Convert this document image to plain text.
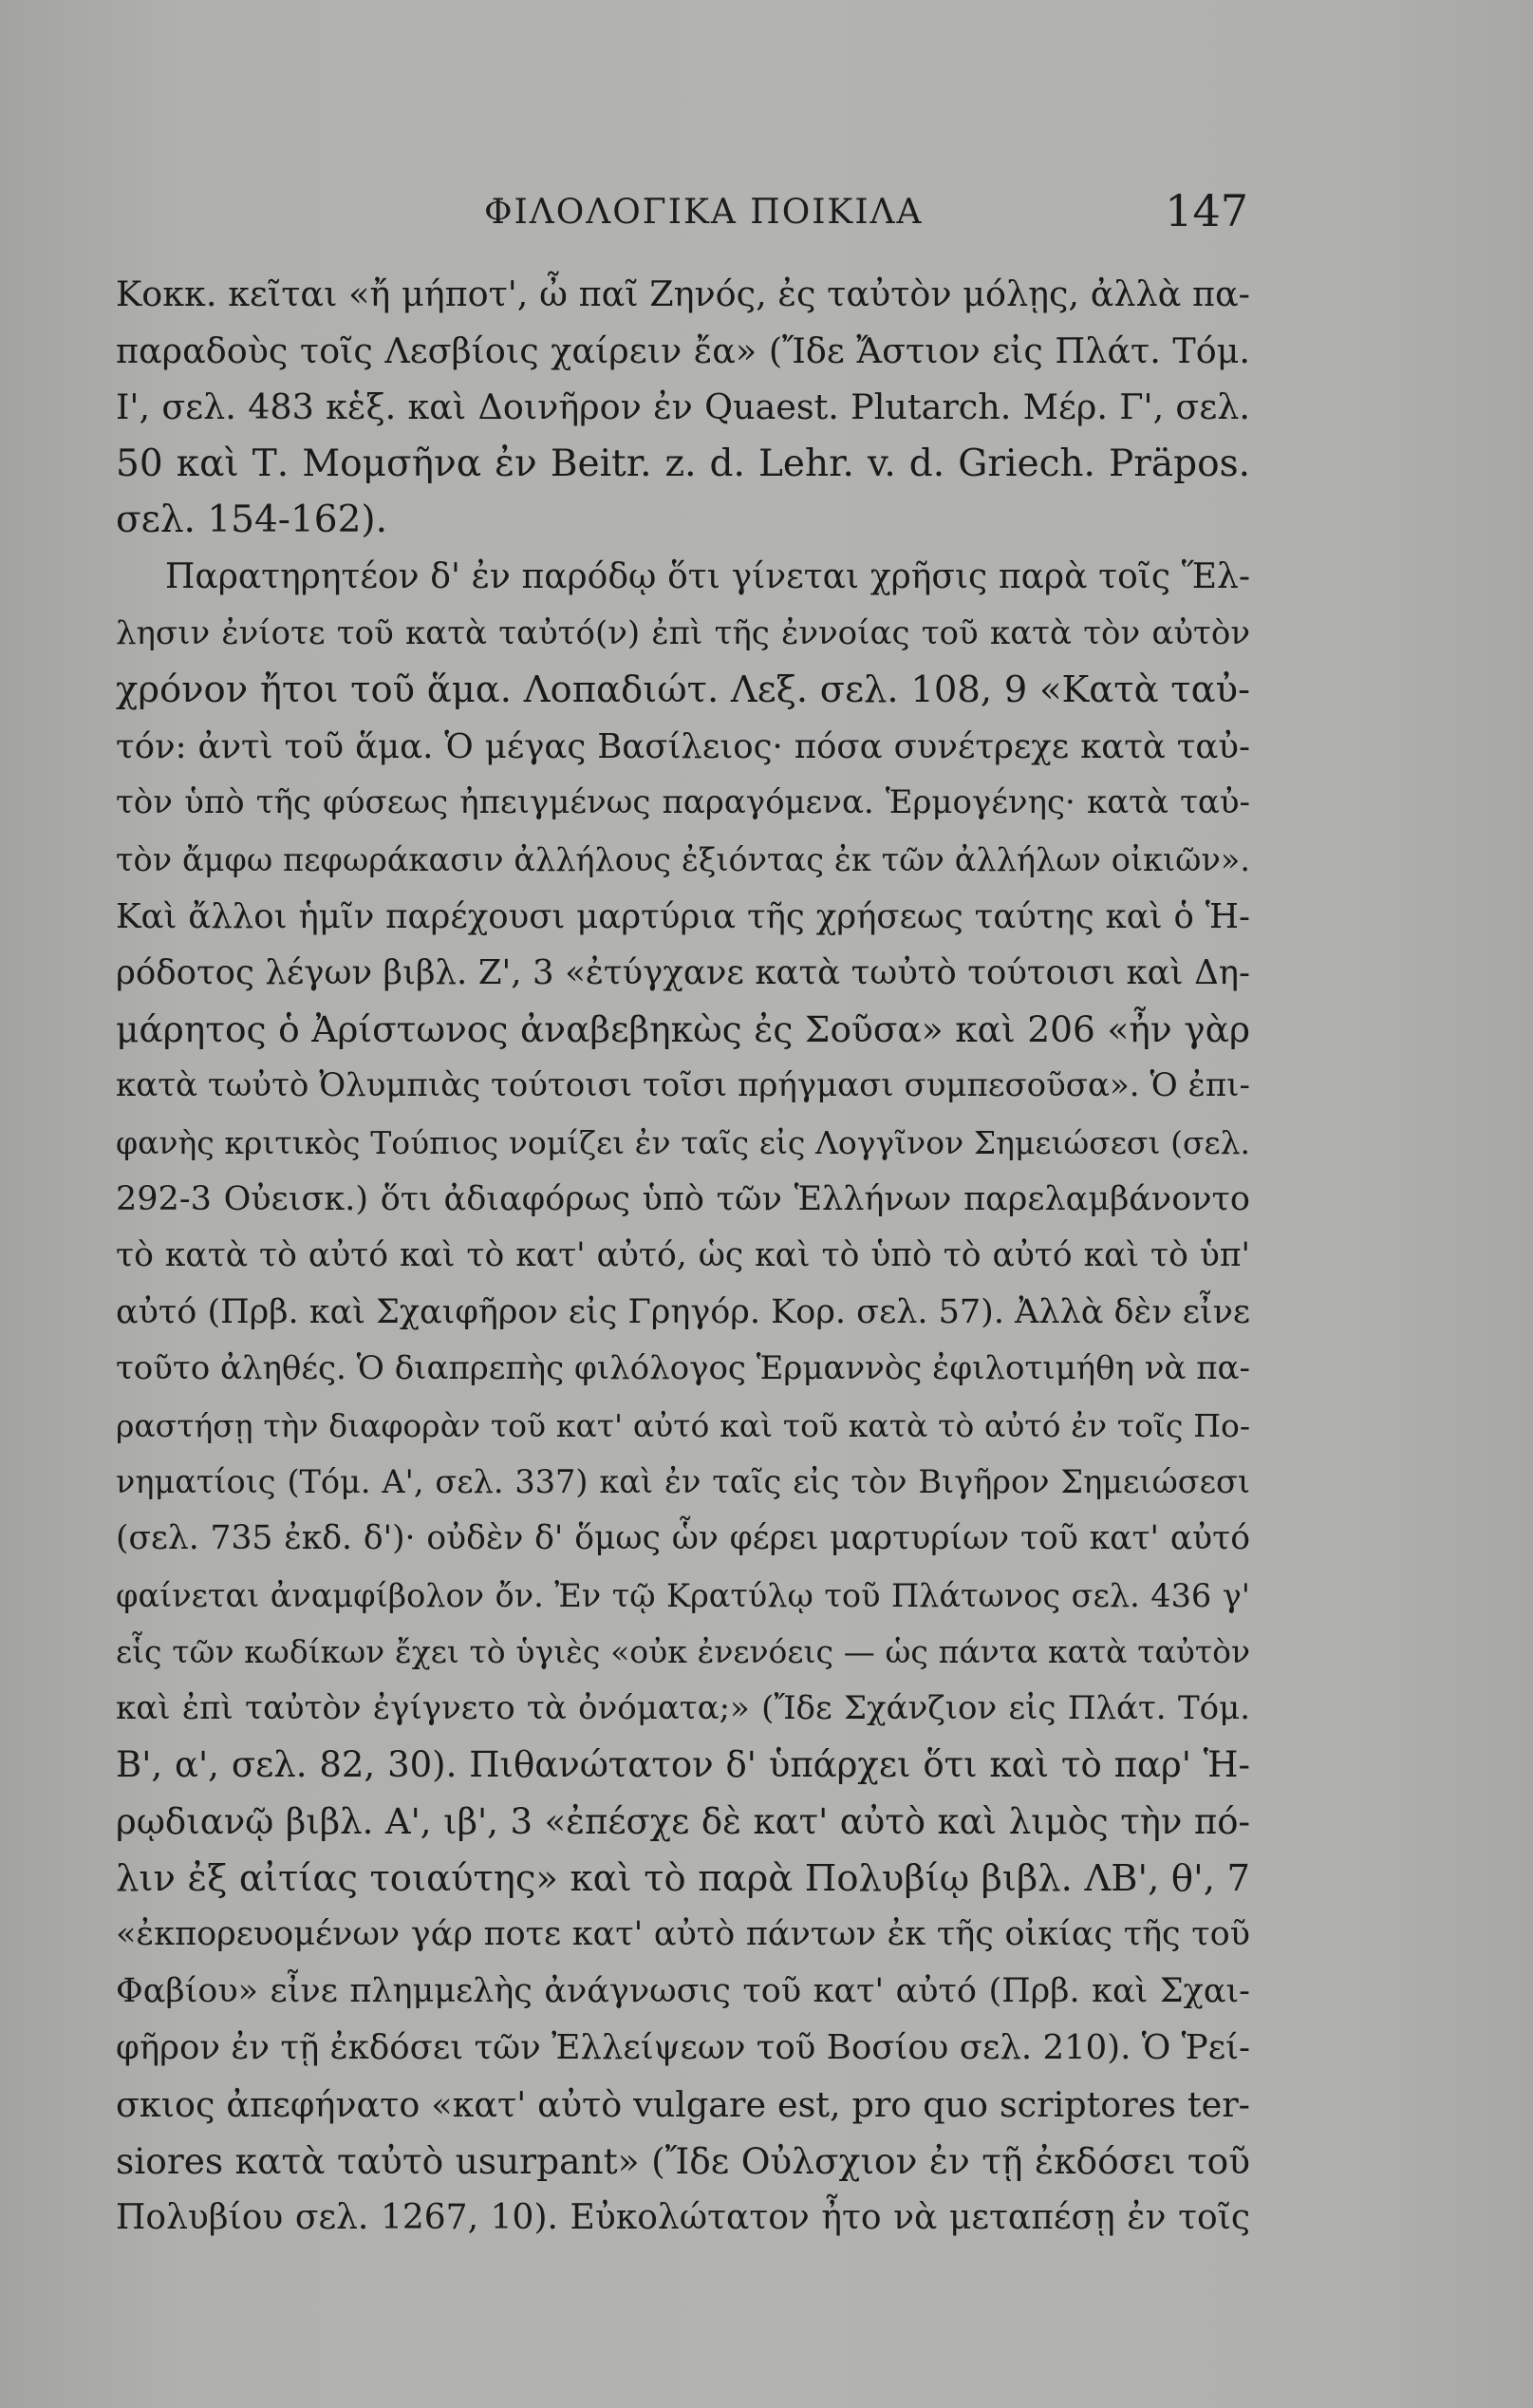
ΦΙΛΟΛΟΓΙΚΑ ΠΟΙΚΙΛΑ	147
Κοκκ. κεῖται «ἤ μήποτ', ὦ παῖ Ζηνός, ἐς ταὐτὸν μόλῃς, ἀλλὰ πα-
παραδοὺς τοῖς Λεσβίοις χαίρειν ἔα» (Ἴδε Ἄστιον εἰς Πλάτ. Τόμ.
Ι', σελ. 483 κἑξ. καὶ Δοινῆρον ἐν Quaest. Plutarch. Μέρ. Γ', σελ.
50 καὶ Τ. Μομσῆνα ἐν Beitr. z. d. Lehr. v. d. Griech. Präpos.
σελ. 154-162).
Παρατηρητέον δ' ἐν παρόδῳ ὅτι γίνεται χρῆσις παρὰ τοῖς Ἕλ-
λησιν ἐνίοτε τοῦ κατὰ ταὐτό(ν) ἐπὶ τῆς ἐννοίας τοῦ κατὰ τὸν αὐτὸν
χρόνον ἤτοι τοῦ ἅμα. Λοπαδιώτ. Λεξ. σελ. 108, 9 «Κατὰ ταὐ-
τόν: ἀντὶ τοῦ ἅμα. Ὁ μέγας Βασίλειος· πόσα συνέτρεχε κατὰ ταὐ-
τὸν ὑπὸ τῆς φύσεως ἠπειγμένως παραγόμενα. Ἑρμογένης· κατὰ ταὐ-
τὸν ἄμφω πεφωράκασιν ἀλλήλους ἐξιόντας ἐκ τῶν ἀλλήλων οἰκιῶν».
Καὶ ἄλλοι ἡμῖν παρέχουσι μαρτύρια τῆς χρήσεως ταύτης καὶ ὁ Ἡ-
ρόδοτος λέγων βιβλ. Ζ', 3 «ἐτύγχανε κατὰ τωὐτὸ τούτοισι καὶ Δη-
μάρητος ὁ Ἀρίστωνος ἀναβεβηκὼς ἐς Σοῦσα» καὶ 206 «ἦν γὰρ
κατὰ τωὐτὸ Ὀλυμπιὰς τούτοισι τοῖσι πρήγμασι συμπεσοῦσα». Ὁ ἐπι-
φανὴς κριτικὸς Τούπιος νομίζει ἐν ταῖς εἰς Λογγῖνον Σημειώσεσι (σελ.
292-3 Οὐεισκ.) ὅτι ἀδιαφόρως ὑπὸ τῶν Ἑλλήνων παρελαμβάνοντο
τὸ κατὰ τὸ αὐτό καὶ τὸ κατ' αὐτό, ὡς καὶ τὸ ὑπὸ τὸ αὐτό καὶ τὸ ὑπ'
αὐτό (Πρβ. καὶ Σχαιφῆρον εἰς Γρηγόρ. Κορ. σελ. 57). Ἀλλὰ δὲν εἶνε
τοῦτο ἀληθές. Ὁ διαπρεπὴς φιλόλογος Ἑρμαννὸς ἐφιλοτιμήθη νὰ πα-
ραστήσῃ τὴν διαφορὰν τοῦ κατ' αὐτό καὶ τοῦ κατὰ τὸ αὐτό ἐν τοῖς Πο-
νηματίοις (Τόμ. Α', σελ. 337) καὶ ἐν ταῖς εἰς τὸν Βιγῆρον Σημειώσεσι
(σελ. 735 ἐκδ. δ')· οὐδὲν δ' ὅμως ὧν φέρει μαρτυρίων τοῦ κατ' αὐτό
φαίνεται ἀναμφίβολον ὄν. Ἐν τῷ Κρατύλῳ τοῦ Πλάτωνος σελ. 436 γ'
εἷς τῶν κωδίκων ἔχει τὸ ὑγιὲς «οὐκ ἐνενόεις — ὡς πάντα κατὰ ταὐτὸν
καὶ ἐπὶ ταὐτὸν ἐγίγνετο τὰ ὀνόματα;» (Ἴδε Σχάνζιον εἰς Πλάτ. Τόμ.
Β', α', σελ. 82, 30). Πιθανώτατον δ' ὑπάρχει ὅτι καὶ τὸ παρ' Ἡ-
ρῳδιανῷ βιβλ. Α', ιβ', 3 «ἐπέσχε δὲ κατ' αὐτὸ καὶ λιμὸς τὴν πό-
λιν ἐξ αἰτίας τοιαύτης» καὶ τὸ παρὰ Πολυβίῳ βιβλ. ΛΒ', θ', 7
«ἐκπορευομένων γάρ ποτε κατ' αὐτὸ πάντων ἐκ τῆς οἰκίας τῆς τοῦ
Φαβίου» εἶνε πλημμελὴς ἀνάγνωσις τοῦ κατ' αὐτό (Πρβ. καὶ Σχαι-
φῆρον ἐν τῇ ἐκδόσει τῶν Ἐλλείψεων τοῦ Βοσίου σελ. 210). Ὁ Ῥεί-
σκιος ἀπεφήνατο «κατ' αὐτὸ vulgare est, pro quo scriptores ter-
siores κατὰ ταὐτὸ usurpant» (Ἴδε Οὐλσχιον ἐν τῇ ἐκδόσει τοῦ
Πολυβίου σελ. 1267, 10). Εὐκολώτατον ἦτο νὰ μεταπέσῃ ἐν τοῖς
